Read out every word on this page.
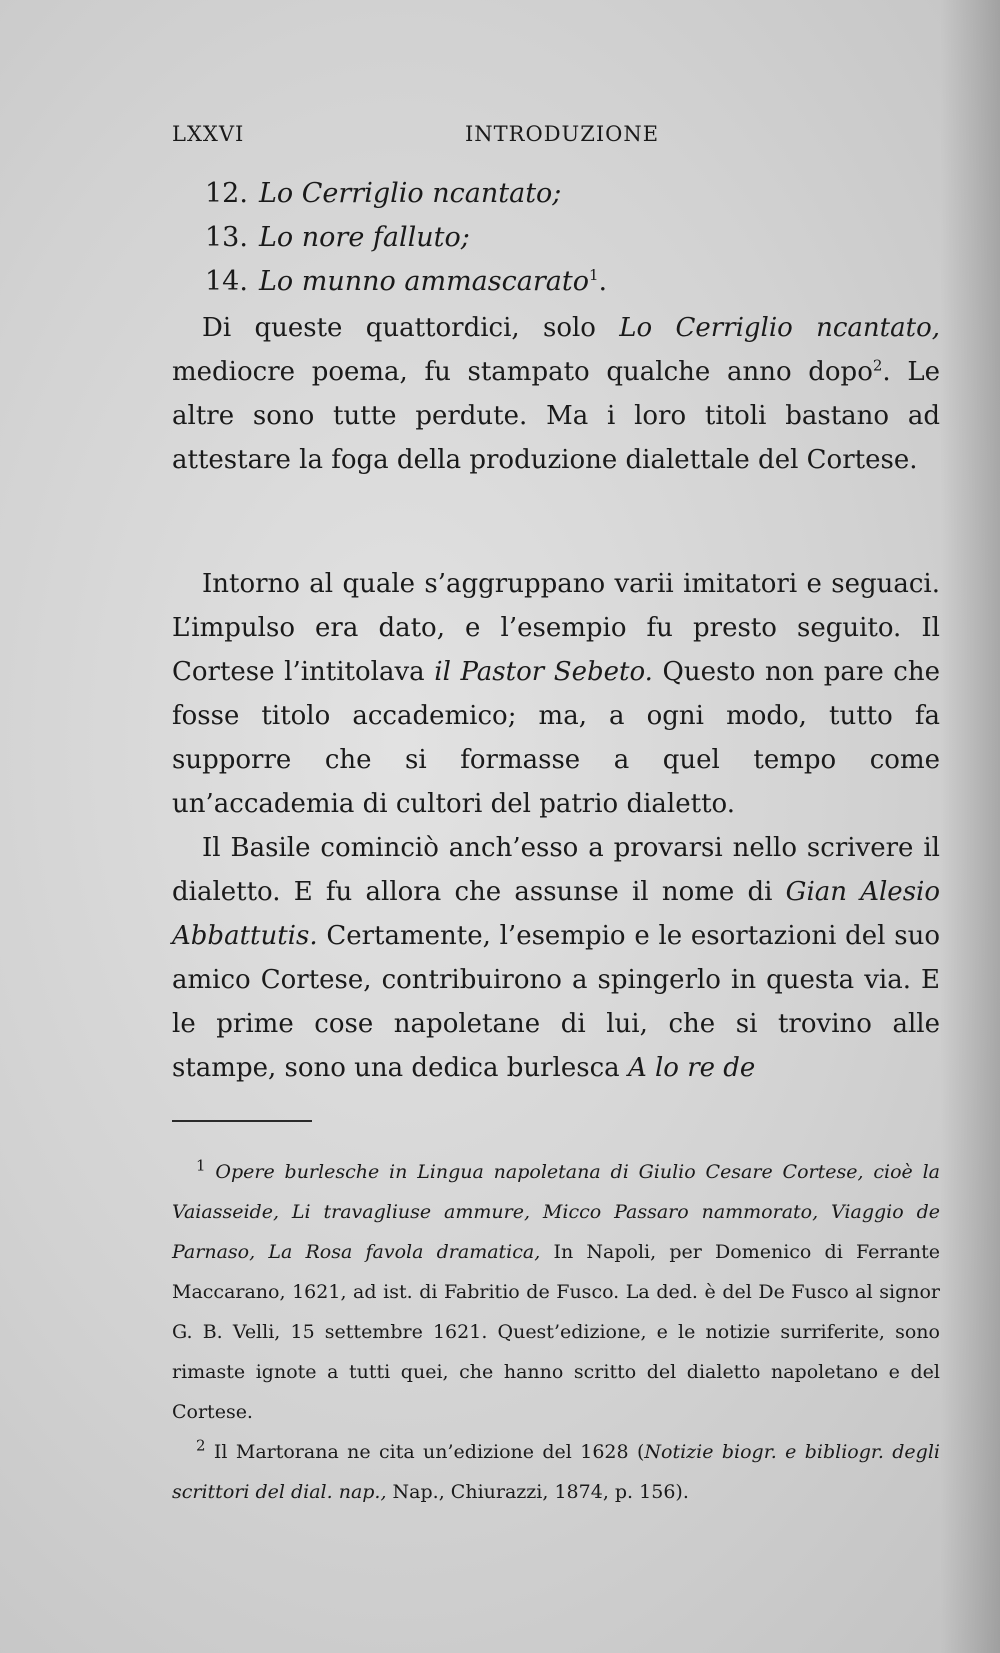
LXXVI	INTRODUZIONE
12. Lo Cerriglio ncantato;
13. Lo nore falluto;
14. Lo munno ammascarato$^1$.

Di queste quattordici, solo Lo Cerriglio ncantato, mediocre poema, fu stampato qualche anno dopo$^2$. Le altre sono tutte perdute. Ma i loro titoli bastano ad attestare la foga della produzione dialettale del Cortese.

Intorno al quale s’aggruppano varii imitatori e seguaci. L’impulso era dato, e l’esempio fu presto seguito. Il Cortese l’intitolava il Pastor Sebeto. Questo non pare che fosse titolo accademico; ma, a ogni modo, tutto fa supporre che si formasse a quel tempo come un’accademia di cultori del patrio dialetto.

Il Basile cominciò anch’esso a provarsi nello scrivere il dialetto. E fu allora che assunse il nome di Gian Alesio Abbattutis. Certamente, l’esempio e le esortazioni del suo amico Cortese, contribuirono a spingerlo in questa via. E le prime cose napoletane di lui, che si trovino alle stampe, sono una dedica burlesca A lo re de

$^1$ Opere burlesche in Lingua napoletana di Giulio Cesare Cortese, cioè la Vaiasseide, Li travagliuse ammure, Micco Passaro nammorato, Viaggio de Parnaso, La Rosa favola dramatica, In Napoli, per Domenico di Ferrante Maccarano, 1621, ad ist. di Fabritio de Fusco. La ded. è del De Fusco al signor G. B. Velli, 15 settembre 1621. Quest’edizione, e le notizie surriferite, sono rimaste ignote a tutti quei, che hanno scritto del dialetto napoletano e del Cortese.

$^2$ Il Martorana ne cita un’edizione del 1628 (Notizie biogr. e bibliogr. degli scrittori del dial. nap., Nap., Chiurazzi, 1874, p. 156).
